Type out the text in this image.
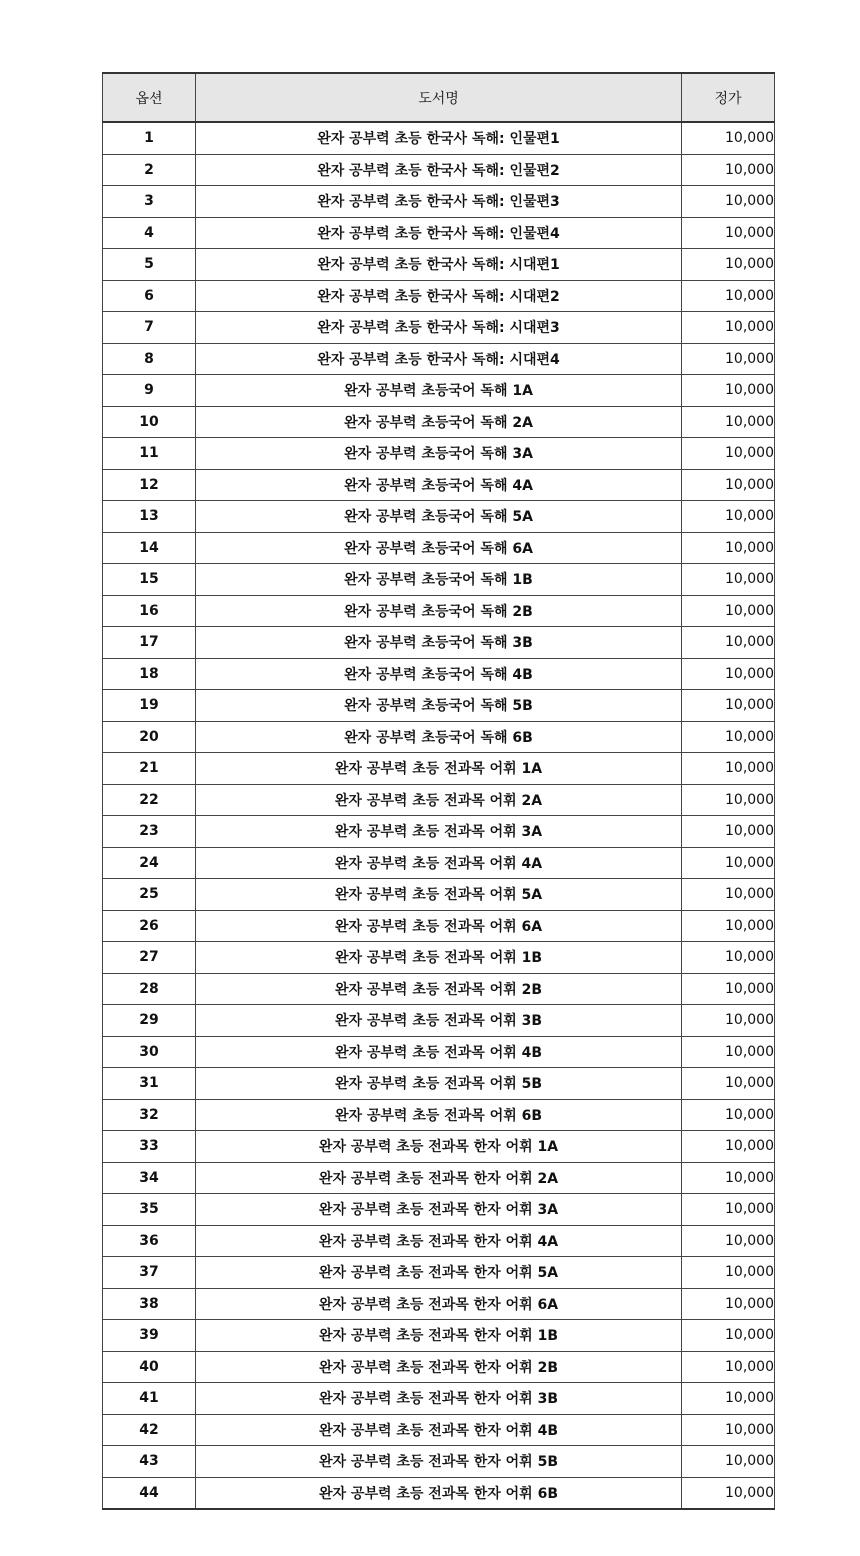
옵션	도서명	정가
1	완자 공부력 초등 한국사 독해: 인물편1	10,000
2	완자 공부력 초등 한국사 독해: 인물편2	10,000
3	완자 공부력 초등 한국사 독해: 인물편3	10,000
4	완자 공부력 초등 한국사 독해: 인물편4	10,000
5	완자 공부력 초등 한국사 독해: 시대편1	10,000
6	완자 공부력 초등 한국사 독해: 시대편2	10,000
7	완자 공부력 초등 한국사 독해: 시대편3	10,000
8	완자 공부력 초등 한국사 독해: 시대편4	10,000
9	완자 공부력 초등국어 독해 1A	10,000
10	완자 공부력 초등국어 독해 2A	10,000
11	완자 공부력 초등국어 독해 3A	10,000
12	완자 공부력 초등국어 독해 4A	10,000
13	완자 공부력 초등국어 독해 5A	10,000
14	완자 공부력 초등국어 독해 6A	10,000
15	완자 공부력 초등국어 독해 1B	10,000
16	완자 공부력 초등국어 독해 2B	10,000
17	완자 공부력 초등국어 독해 3B	10,000
18	완자 공부력 초등국어 독해 4B	10,000
19	완자 공부력 초등국어 독해 5B	10,000
20	완자 공부력 초등국어 독해 6B	10,000
21	완자 공부력 초등 전과목 어휘 1A	10,000
22	완자 공부력 초등 전과목 어휘 2A	10,000
23	완자 공부력 초등 전과목 어휘 3A	10,000
24	완자 공부력 초등 전과목 어휘 4A	10,000
25	완자 공부력 초등 전과목 어휘 5A	10,000
26	완자 공부력 초등 전과목 어휘 6A	10,000
27	완자 공부력 초등 전과목 어휘 1B	10,000
28	완자 공부력 초등 전과목 어휘 2B	10,000
29	완자 공부력 초등 전과목 어휘 3B	10,000
30	완자 공부력 초등 전과목 어휘 4B	10,000
31	완자 공부력 초등 전과목 어휘 5B	10,000
32	완자 공부력 초등 전과목 어휘 6B	10,000
33	완자 공부력 초등 전과목 한자 어휘 1A	10,000
34	완자 공부력 초등 전과목 한자 어휘 2A	10,000
35	완자 공부력 초등 전과목 한자 어휘 3A	10,000
36	완자 공부력 초등 전과목 한자 어휘 4A	10,000
37	완자 공부력 초등 전과목 한자 어휘 5A	10,000
38	완자 공부력 초등 전과목 한자 어휘 6A	10,000
39	완자 공부력 초등 전과목 한자 어휘 1B	10,000
40	완자 공부력 초등 전과목 한자 어휘 2B	10,000
41	완자 공부력 초등 전과목 한자 어휘 3B	10,000
42	완자 공부력 초등 전과목 한자 어휘 4B	10,000
43	완자 공부력 초등 전과목 한자 어휘 5B	10,000
44	완자 공부력 초등 전과목 한자 어휘 6B	10,000
